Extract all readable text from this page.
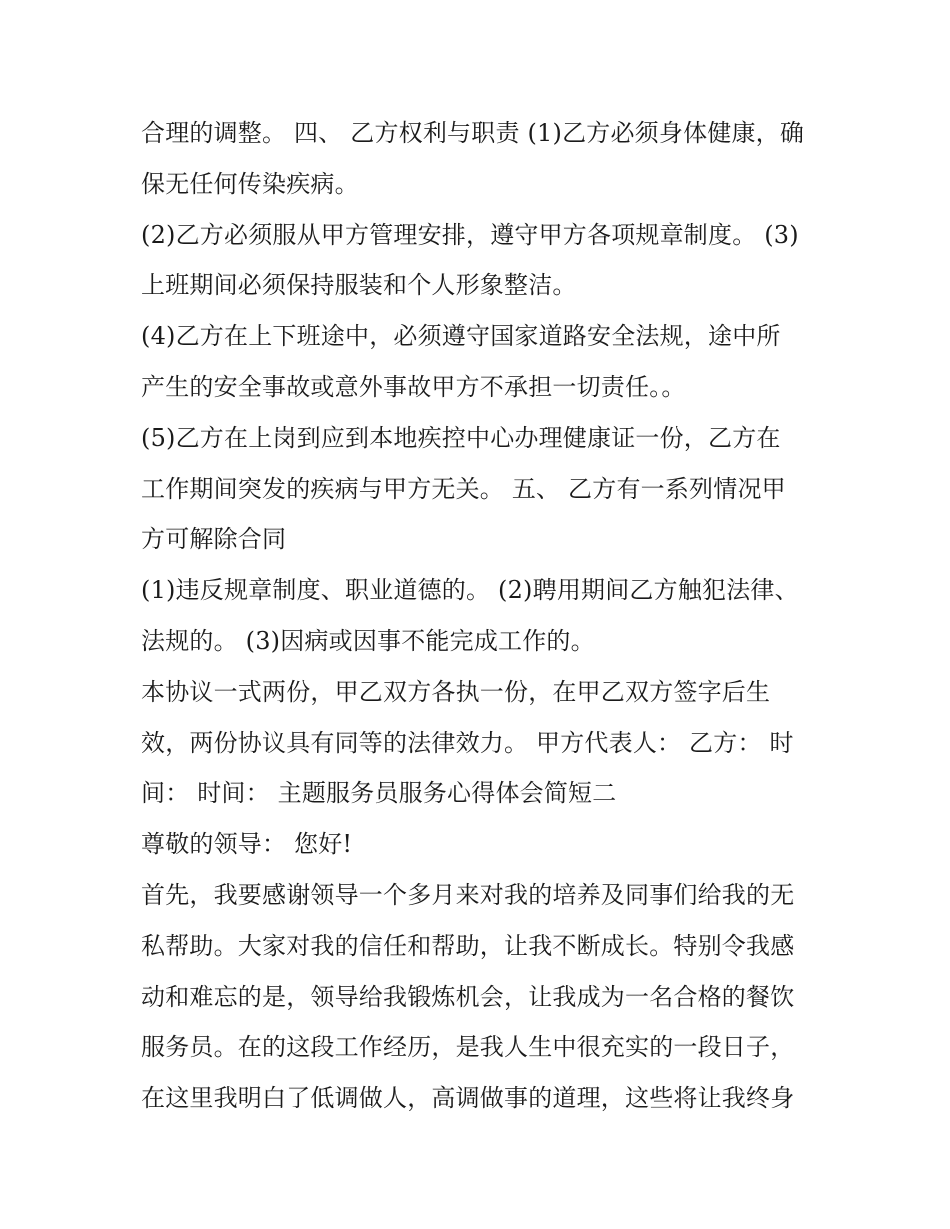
合理的调整。 四、 乙方权利与职责 (1)乙方必须身体健康，确
保无任何传染疾病。
(2)乙方必须服从甲方管理安排，遵守甲方各项规章制度。 (3)
上班期间必须保持服装和个人形象整洁。
(4)乙方在上下班途中，必须遵守国家道路安全法规，途中所
产生的安全事故或意外事故甲方不承担一切责任。。
(5)乙方在上岗到应到本地疾控中心办理健康证一份，乙方在
工作期间突发的疾病与甲方无关。 五、 乙方有一系列情况甲
方可解除合同
(1)违反规章制度、职业道德的。 (2)聘用期间乙方触犯法律、
法规的。 (3)因病或因事不能完成工作的。
本协议一式两份，甲乙双方各执一份，在甲乙双方签字后生
效，两份协议具有同等的法律效力。 甲方代表人： 乙方： 时
间： 时间： 主题服务员服务心得体会简短二
尊敬的领导： 您好!
首先，我要感谢领导一个多月来对我的培养及同事们给我的无
私帮助。大家对我的信任和帮助，让我不断成长。特别令我感
动和难忘的是，领导给我锻炼机会，让我成为一名合格的餐饮
服务员。在的这段工作经历，是我人生中很充实的一段日子，
在这里我明白了低调做人，高调做事的道理，这些将让我终身
